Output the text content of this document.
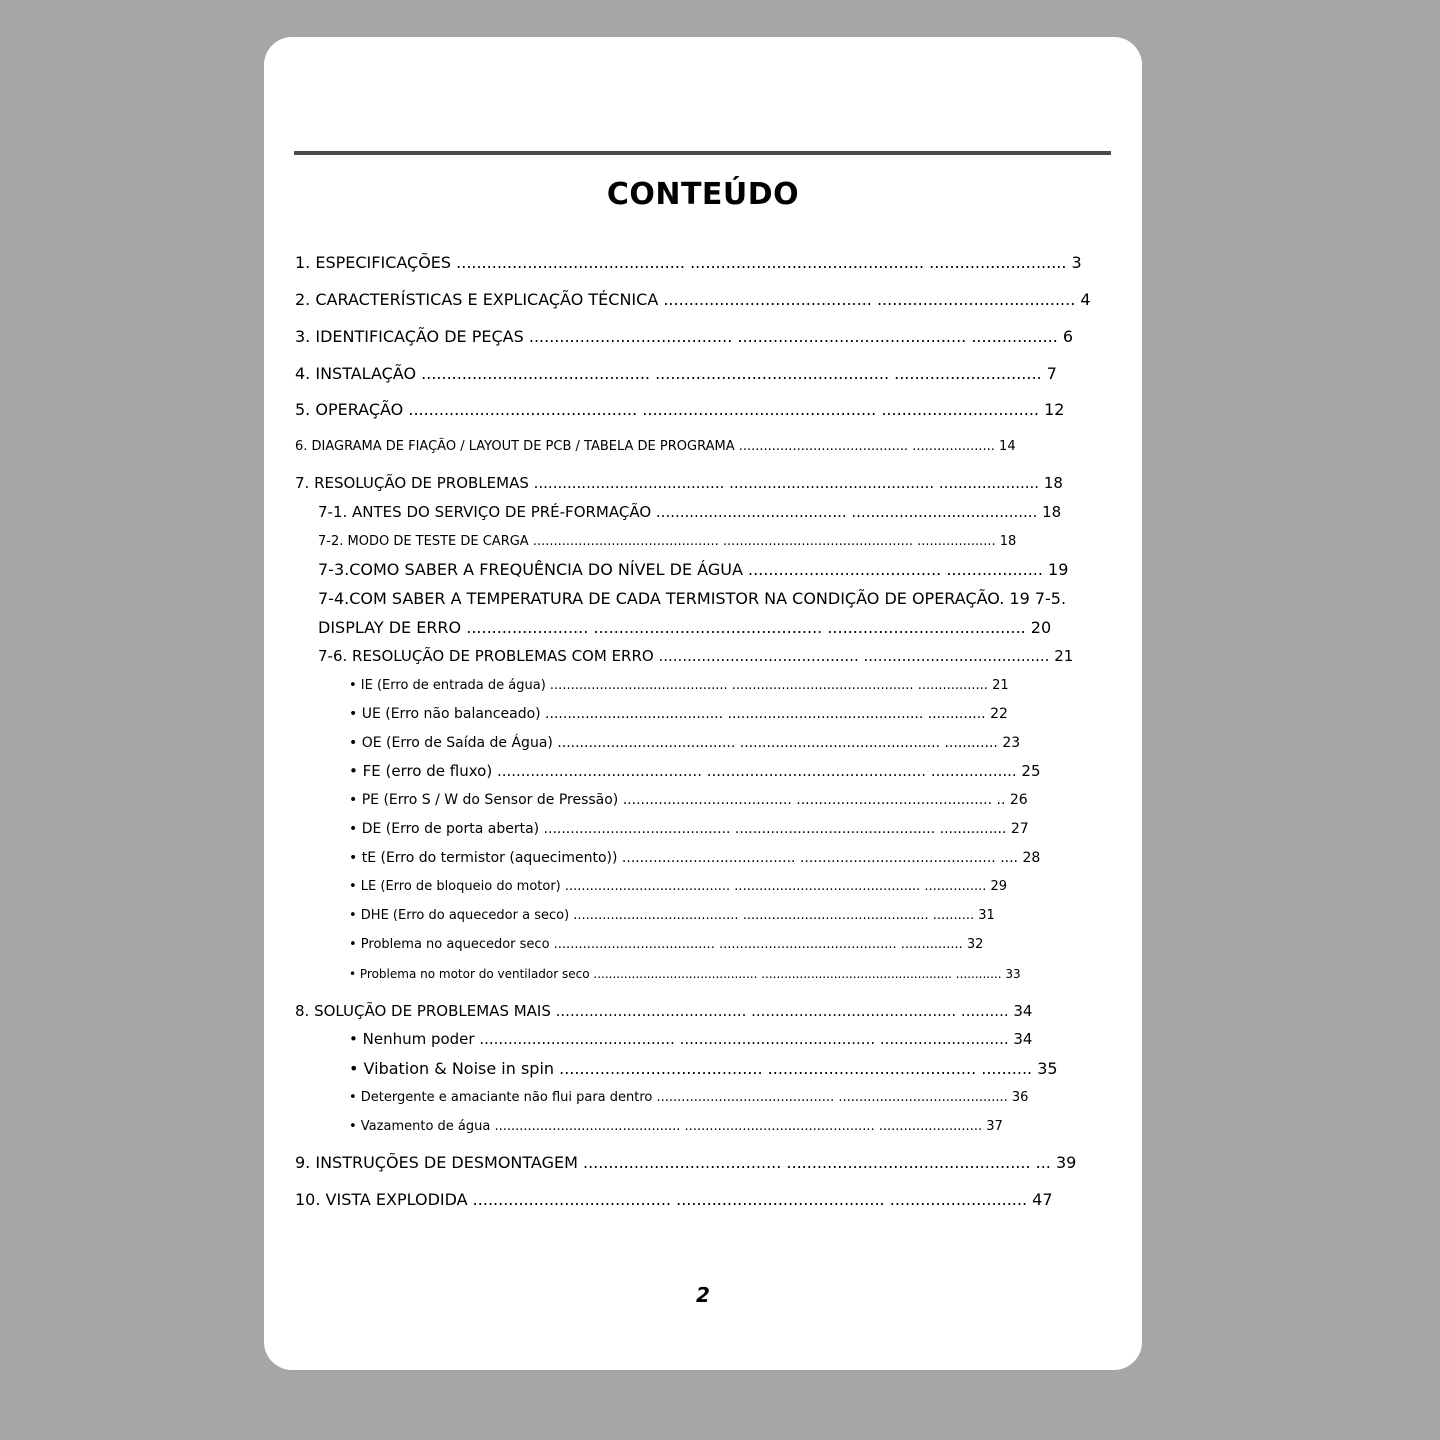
CONTEÚDO
1. ESPECIFICAÇÕES ............................................. .............................................. ........................... 3
2. CARACTERÍSTICAS E EXPLICAÇÃO TÉCNICA ......................................... ....................................... 4
3. IDENTIFICAÇÃO DE PEÇAS ........................................ ............................................. ................. 6
4. INSTALAÇÃO ............................................. .............................................. ............................. 7
5. OPERAÇÃO ............................................. .............................................. ............................... 12
6. DIAGRAMA DE FIAÇÃO / LAYOUT DE PCB / TABELA DE PROGRAMA ......................................... .................... 14
7. RESOLUÇÃO DE PROBLEMAS ........................................ ........................................... ..................... 18
7-1. ANTES DO SERVIÇO DE PRÉ-FORMAÇÃO ........................................ ....................................... 18
7-2. MODO DE TESTE DE CARGA ............................................. .............................................. ................... 18
7-3.COMO SABER A FREQUÊNCIA DO NÍVEL DE ÁGUA ...................................... ................... 19
7-4.COM SABER A TEMPERATURA DE CADA TERMISTOR NA CONDIÇÃO DE OPERAÇÃO. 19 7-5.
DISPLAY DE ERRO ........................ ............................................. ....................................... 20
7-6. RESOLUÇÃO DE PROBLEMAS COM ERRO .......................................... ....................................... 21
• IE (Erro de entrada de água) ........................................... ............................................ ................. 21
• UE (Erro não balanceado) ........................................ ............................................ ............. 22
• OE (Erro de Saída de Água) ........................................ ............................................. ............ 23
• FE (erro de fluxo) ........................................... .............................................. .................. 25
• PE (Erro S / W do Sensor de Pressão) ...................................... ............................................ .. 26
• DE (Erro de porta aberta) .......................................... ............................................. ............... 27
• tE (Erro do termistor (aquecimento)) ....................................... ............................................ .... 28
• LE (Erro de bloqueio do motor) ........................................ ............................................. ............... 29
• DHE (Erro do aquecedor a seco) ........................................ ............................................. .......... 31
• Problema no aquecedor seco ....................................... ........................................... ............... 32
• Problema no motor do ventilador seco ........................................... .................................................. ............ 33
8. SOLUÇÃO DE PROBLEMAS MAIS ........................................ ........................................... .......... 34
• Nenhum poder ......................................... ......................................... ........................... 34
• Vibation & Noise in spin ........................................ ......................................... .......... 35
• Detergente e amaciante não flui para dentro ........................................... ......................................... 36
• Vazamento de água ............................................. .............................................. ......................... 37
9. INSTRUÇÕES DE DESMONTAGEM ....................................... ................................................ ... 39
10. VISTA EXPLODIDA ....................................... ......................................... ........................... 47
2
